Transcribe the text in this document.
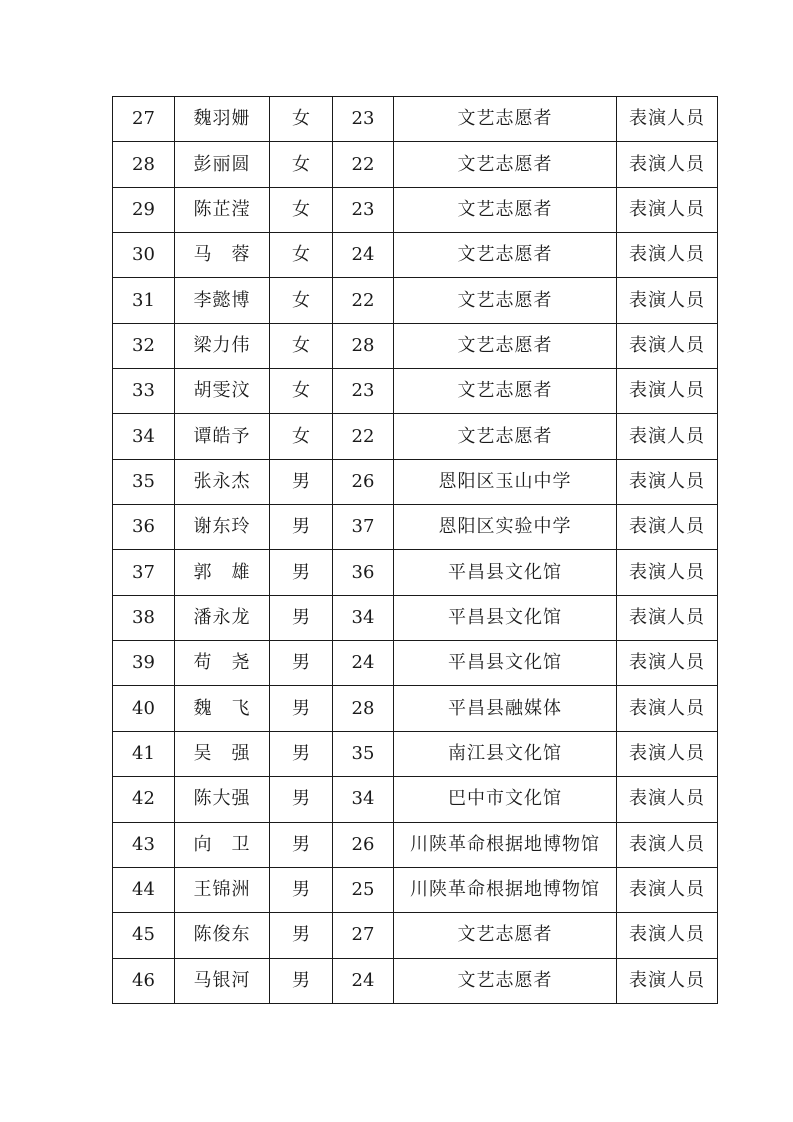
27	魏羽姗	女	23	文艺志愿者	表演人员
28	彭丽圆	女	22	文艺志愿者	表演人员
29	陈芷滢	女	23	文艺志愿者	表演人员
30	马　蓉	女	24	文艺志愿者	表演人员
31	李懿博	女	22	文艺志愿者	表演人员
32	梁力伟	女	28	文艺志愿者	表演人员
33	胡雯汶	女	23	文艺志愿者	表演人员
34	谭皓予	女	22	文艺志愿者	表演人员
35	张永杰	男	26	恩阳区玉山中学	表演人员
36	谢东玲	男	37	恩阳区实验中学	表演人员
37	郭　雄	男	36	平昌县文化馆	表演人员
38	潘永龙	男	34	平昌县文化馆	表演人员
39	苟　尧	男	24	平昌县文化馆	表演人员
40	魏　飞	男	28	平昌县融媒体	表演人员
41	吴　强	男	35	南江县文化馆	表演人员
42	陈大强	男	34	巴中市文化馆	表演人员
43	向　卫	男	26	川陕革命根据地博物馆	表演人员
44	王锦洲	男	25	川陕革命根据地博物馆	表演人员
45	陈俊东	男	27	文艺志愿者	表演人员
46	马银河	男	24	文艺志愿者	表演人员
